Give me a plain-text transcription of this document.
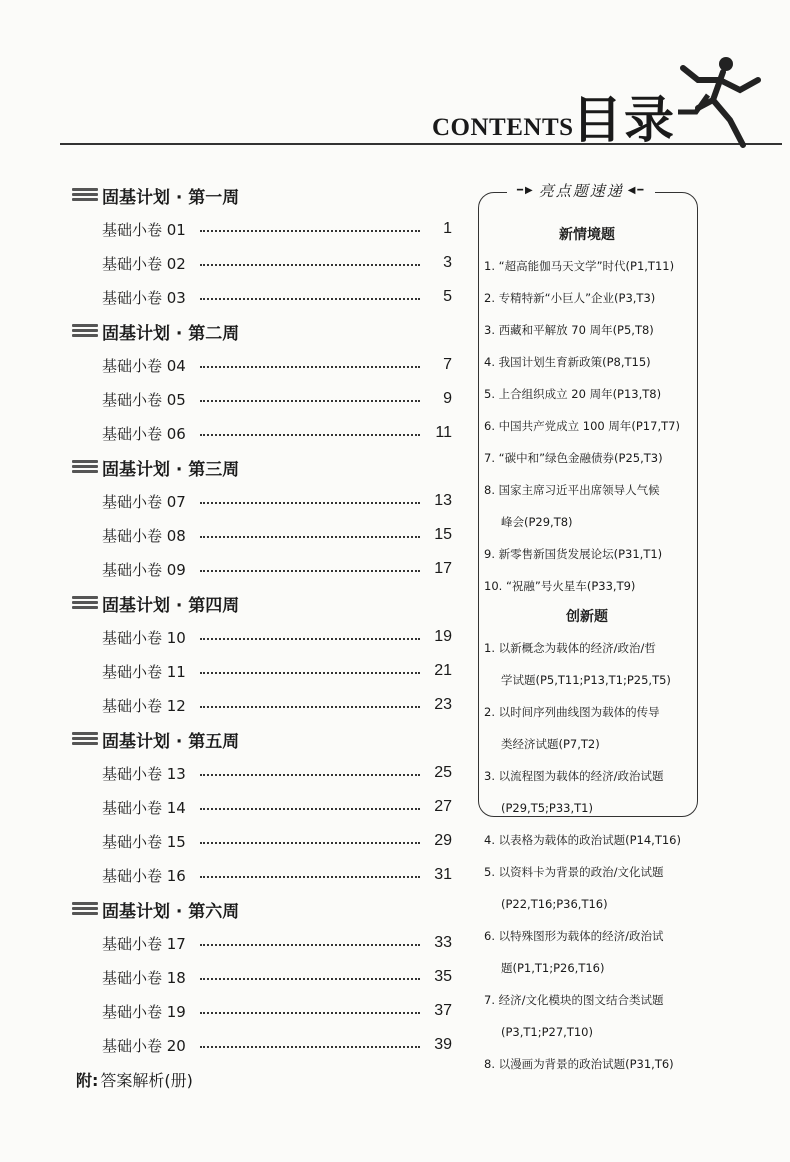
CONTENTS
目录
固基计划 · 第一周
基础小卷 01	1
基础小卷 02	3
基础小卷 03	5
固基计划 · 第二周
基础小卷 04	7
基础小卷 05	9
基础小卷 06	11
固基计划 · 第三周
基础小卷 07	13
基础小卷 08	15
基础小卷 09	17
固基计划 · 第四周
基础小卷 10	19
基础小卷 11	21
基础小卷 12	23
固基计划 · 第五周
基础小卷 13	25
基础小卷 14	27
基础小卷 15	29
基础小卷 16	31
固基计划 · 第六周
基础小卷 17	33
基础小卷 18	35
基础小卷 19	37
基础小卷 20	39
附: 答案解析(册)
━▶ 亮点题速递 ◀━
新情境题
1. “超高能伽马天文学”时代(P1,T11)
2. 专精特新“小巨人”企业(P3,T3)
3. 西藏和平解放 70 周年(P5,T8)
4. 我国计划生育新政策(P8,T15)
5. 上合组织成立 20 周年(P13,T8)
6. 中国共产党成立 100 周年(P17,T7)
7. “碳中和”绿色金融债券(P25,T3)
8. 国家主席习近平出席领导人气候
峰会(P29,T8)
9. 新零售新国货发展论坛(P31,T1)
10. “祝融”号火星车(P33,T9)
创新题
1. 以新概念为载体的经济/政治/哲
学试题(P5,T11;P13,T1;P25,T5)
2. 以时间序列曲线图为载体的传导
类经济试题(P7,T2)
3. 以流程图为载体的经济/政治试题
(P29,T5;P33,T1)
4. 以表格为载体的政治试题(P14,T16)
5. 以资料卡为背景的政治/文化试题
(P22,T16;P36,T16)
6. 以特殊图形为载体的经济/政治试
题(P1,T1;P26,T16)
7. 经济/文化模块的图文结合类试题
(P3,T1;P27,T10)
8. 以漫画为背景的政治试题(P31,T6)
